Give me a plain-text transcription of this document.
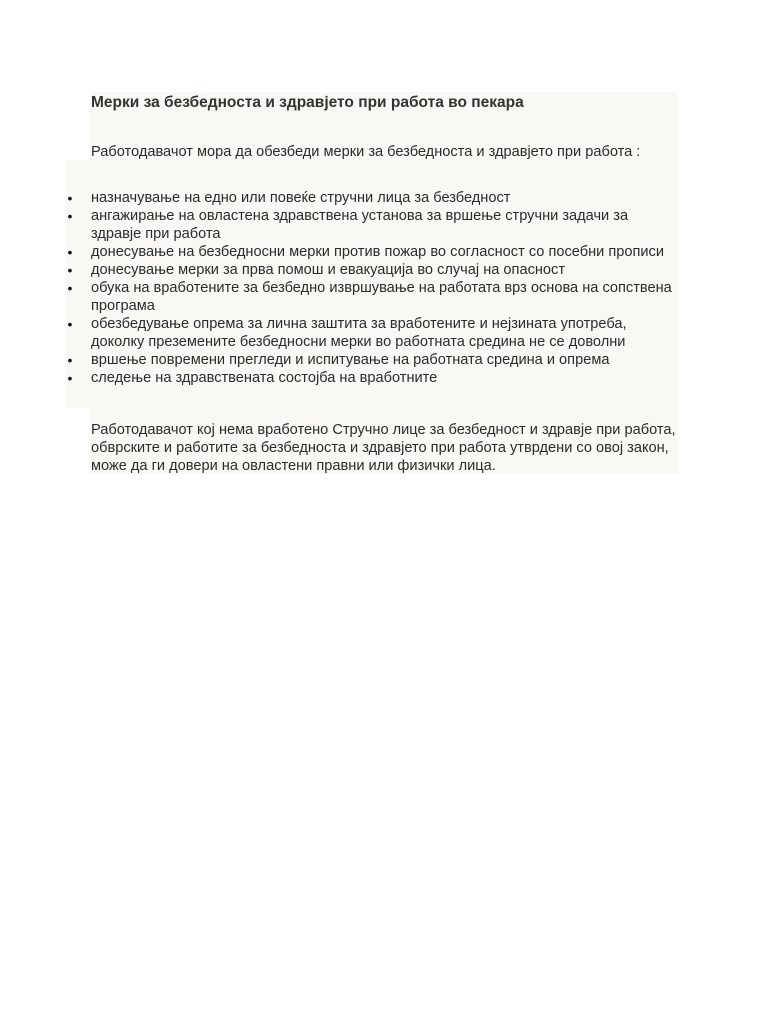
Мерки за безбедноста и здравјето при работа во пекара

Работодавачот мора да обезбеди мерки за безбедноста и здравјето при работа :

• назначување на едно или повеќе стручни лица за безбедност
• ангажирање на овластена здравствена установа за вршење стручни задачи за здравје при работа
• донесување на безбедносни мерки против пожар во согласност со посебни прописи
• донесување мерки за прва помош и евакуација во случај на опасност
• обука на вработените за безбедно извршување на работата врз основа на сопствена програма
• обезбедување опрема за лична заштита за вработените и нејзината употреба, доколку преземените безбедносни мерки во работната средина не се доволни
• вршење повремени прегледи и испитување на работната средина и опрема
• следење на здравствената состојба на вработните

Работодавачот кој нема вработено Стручно лице за безбедност и здравје при работа, обврските и работите за безбедноста и здравјето при работа утврдени со овој закон, може да ги довери на овластени правни или физички лица.
